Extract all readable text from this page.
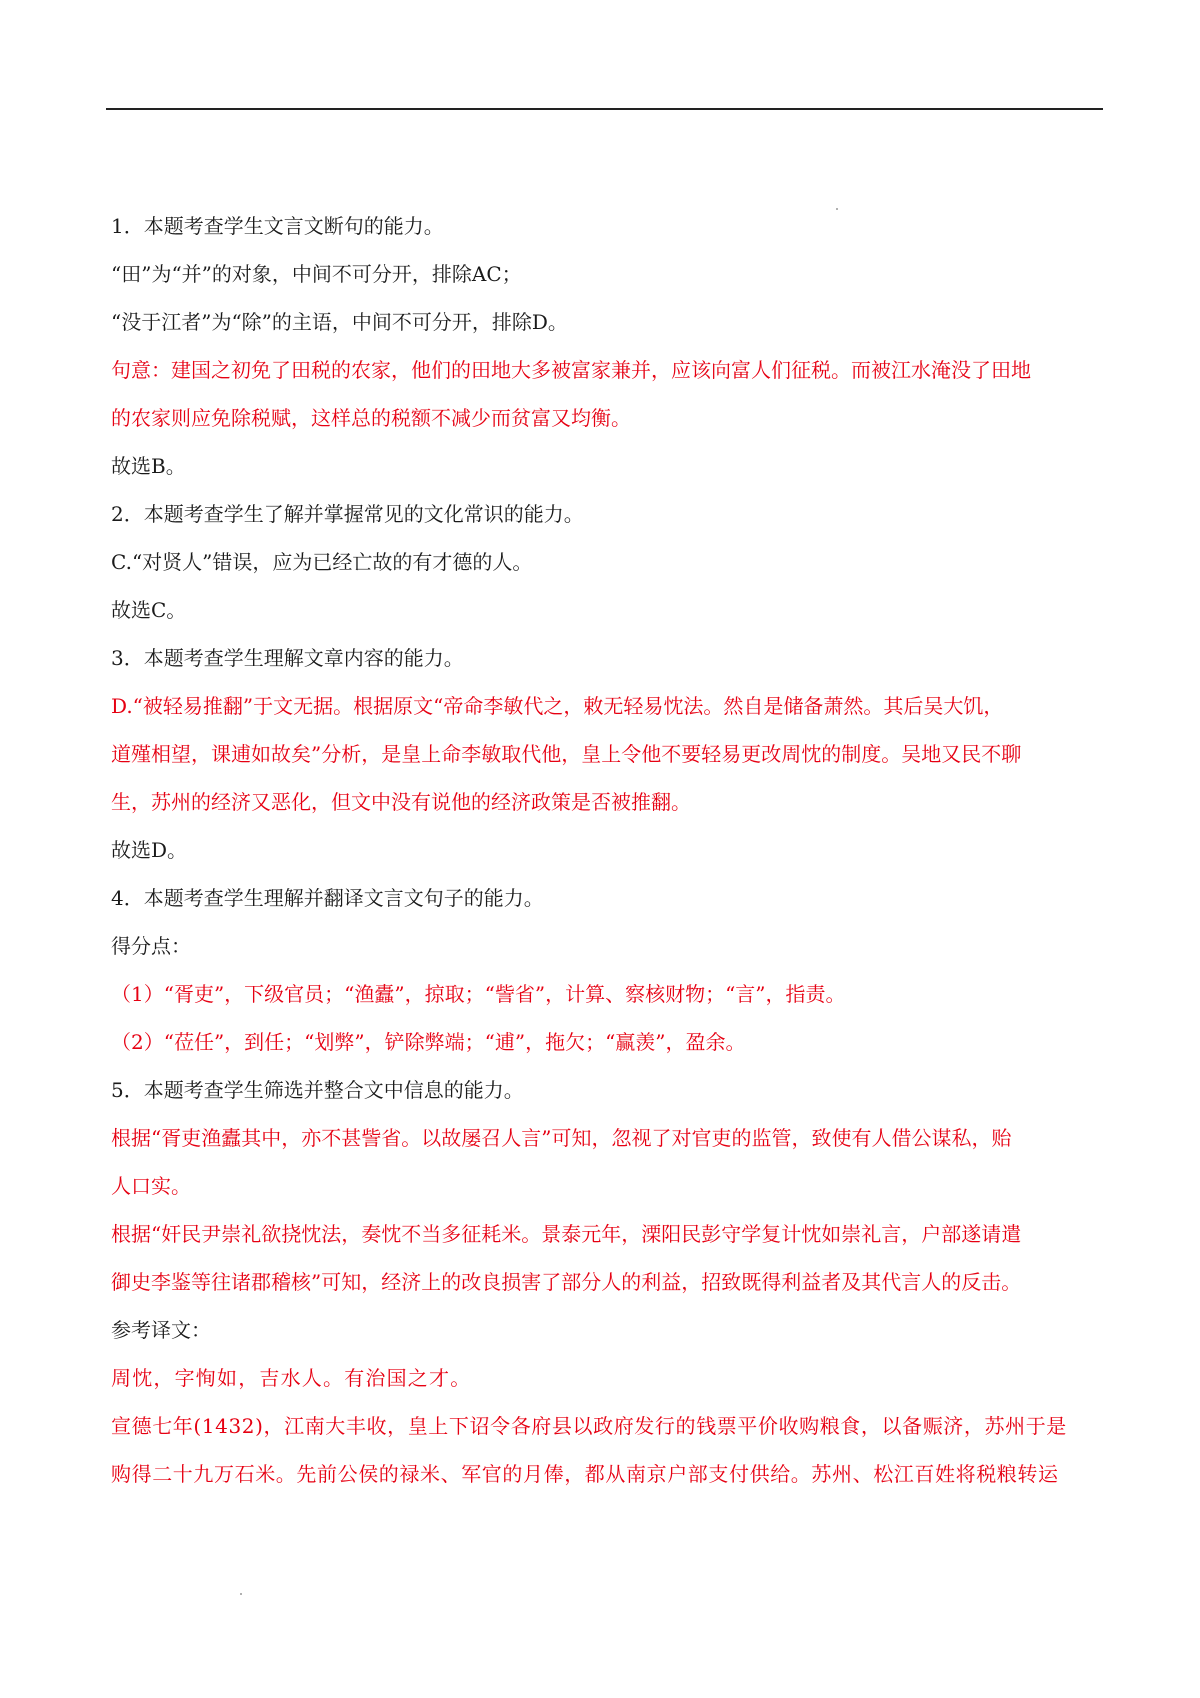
1．本题考查学生文言文断句的能力。

“田”为“并”的对象，中间不可分开，排除AC；

“没于江者”为“除”的主语，中间不可分开，排除D。

句意：建国之初免了田税的农家，他们的田地大多被富家兼并，应该向富人们征税。而被江水淹没了田地

的农家则应免除税赋，这样总的税额不减少而贫富又均衡。

故选B。

2．本题考查学生了解并掌握常见的文化常识的能力。

C.“对贤人”错误，应为已经亡故的有才德的人。

故选C。

3．本题考查学生理解文章内容的能力。

D.“被轻易推翻”于文无据。根据原文“帝命李敏代之，敕无轻易忱法。然自是储备萧然。其后吴大饥，

道殣相望，课逋如故矣”分析，是皇上命李敏取代他，皇上令他不要轻易更改周忱的制度。吴地又民不聊

生，苏州的经济又恶化，但文中没有说他的经济政策是否被推翻。

故选D。

4．本题考查学生理解并翻译文言文句子的能力。

得分点：

（1）“胥吏”，下级官员；“渔蠹”，掠取；“訾省”，计算、察核财物；“言”，指责。

（2）“莅任”，到任；“划弊”，铲除弊端；“逋”，拖欠；“赢羡”，盈余。

5．本题考查学生筛选并整合文中信息的能力。

根据“胥吏渔蠹其中，亦不甚訾省。以故屡召人言”可知，忽视了对官吏的监管，致使有人借公谋私，贻

人口实。

根据“奸民尹崇礼欲挠忱法，奏忱不当多征耗米。景泰元年，溧阳民彭守学复计忱如崇礼言，户部遂请遣

御史李鉴等往诸郡稽核”可知，经济上的改良损害了部分人的利益，招致既得利益者及其代言人的反击。

参考译文：

周忱，字恂如，吉水人。有治国之才。

宣德七年(1432)，江南大丰收，皇上下诏令各府县以政府发行的钱票平价收购粮食，以备赈济，苏州于是

购得二十九万石米。先前公侯的禄米、军官的月俸，都从南京户部支付供给。苏州、松江百姓将税粮转运
